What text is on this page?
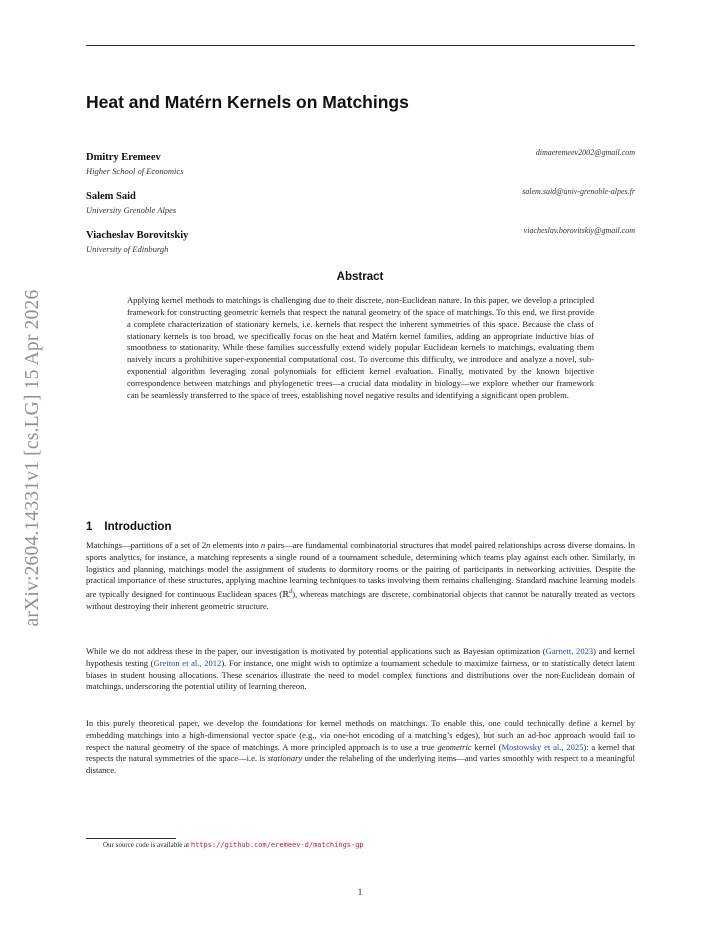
arXiv:2604.14331v1 [cs.LG] 15 Apr 2026
Heat and Matérn Kernels on Matchings
Dmitry Eremeev	dimaeremeev2002@gmail.com
Higher School of Economics
Salem Said	salem.said@univ-grenoble-alpes.fr
University Grenoble Alpes
Viacheslav Borovitskiy	viacheslav.borovitskiy@gmail.com
University of Edinburgh
Abstract
Applying kernel methods to matchings is challenging due to their discrete, non-Euclidean nature. In this paper, we develop a principled framework for constructing geometric kernels that respect the natural geometry of the space of matchings. To this end, we first provide a complete characterization of stationary kernels, i.e. kernels that respect the inherent symmetries of this space. Because the class of stationary kernels is too broad, we specifically focus on the heat and Matérn kernel families, adding an appropriate inductive bias of smoothness to stationarity. While these families successfully extend widely popular Euclidean kernels to matchings, evaluating them naively incurs a prohibitive super-exponential computational cost. To overcome this difficulty, we introduce and analyze a novel, sub-exponential algorithm leveraging zonal polynomials for efficient kernel evaluation. Finally, motivated by the known bijective correspondence between matchings and phylogenetic trees—a crucial data modality in biology—we explore whether our framework can be seamlessly transferred to the space of trees, establishing novel negative results and identifying a significant open problem.
1 Introduction

Matchings—partitions of a set of 2n elements into n pairs—are fundamental combinatorial structures that model paired relationships across diverse domains. In sports analytics, for instance, a matching represents a single round of a tournament schedule, determining which teams play against each other. Similarly, in logistics and planning, matchings model the assignment of students to dormitory rooms or the pairing of participants in networking activities. Despite the practical importance of these structures, applying machine learning techniques to tasks involving them remains challenging. Standard machine learning models are typically designed for continuous Euclidean spaces (ℝ$^d$), whereas matchings are discrete, combinatorial objects that cannot be naturally treated as vectors without destroying their inherent geometric structure.

While we do not address these in the paper, our investigation is motivated by potential applications such as Bayesian optimization (Garnett, 2023) and kernel hypothesis testing (Gretton et al., 2012). For instance, one might wish to optimize a tournament schedule to maximize fairness, or to statistically detect latent biases in student housing allocations. These scenarios illustrate the need to model complex functions and distributions over the non-Euclidean domain of matchings, underscoring the potential utility of learning thereon.

In this purely theoretical paper, we develop the foundations for kernel methods on matchings. To enable this, one could technically define a kernel by embedding matchings into a high-dimensional vector space (e.g., via one-hot encoding of a matching’s edges), but such an ad-hoc approach would fail to respect the natural geometry of the space of matchings. A more principled approach is to use a true geometric kernel (Mostowsky et al., 2025): a kernel that respects the natural symmetries of the space—i.e. is stationary under the relabeling of the underlying items—and varies smoothly with respect to a meaningful distance.

Our source code is available at https://github.com/eremeev-d/matchings-gp
1
